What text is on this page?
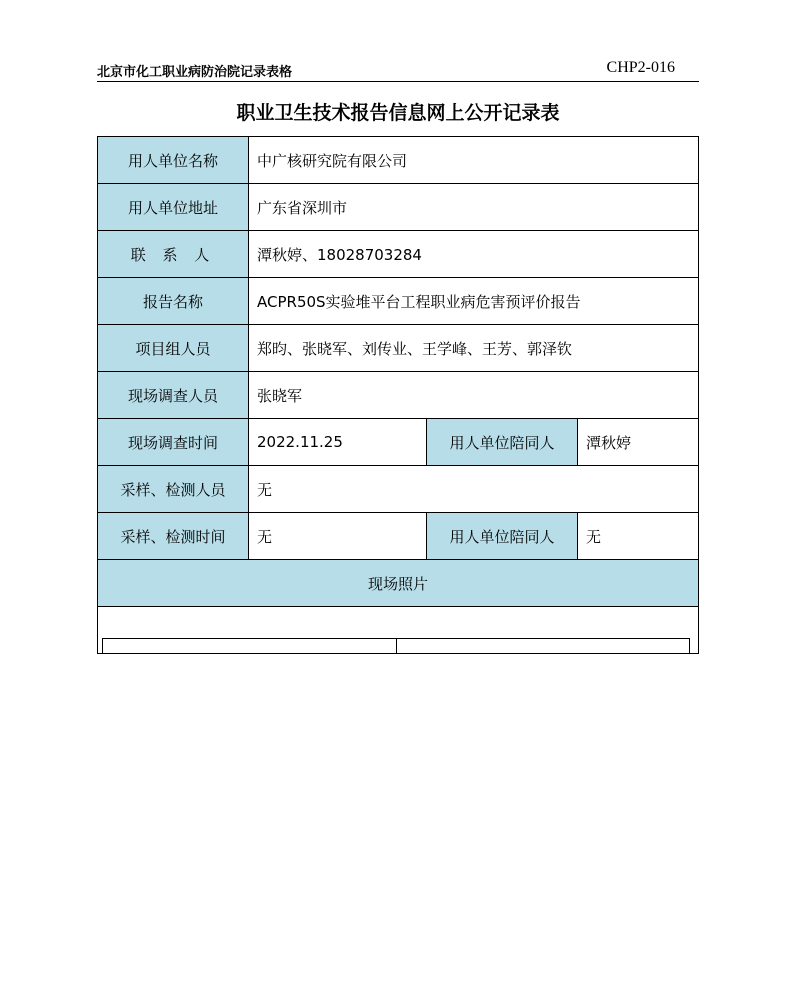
北京市化工职业病防治院记录表格	CHP2-016
职业卫生技术报告信息网上公开记录表
用人单位名称	中广核研究院有限公司		
用人单位地址	广东省深圳市		
联 系 人	潭秋婷、18028703284		
报告名称	ACPR50S实验堆平台工程职业病危害预评价报告		
项目组人员	郑昀、张晓军、刘传业、王学峰、王芳、郭泽钦		
现场调查人员	张晓军		
现场调查时间	2022.11.25	用人单位陪同人	潭秋婷
采样、检测人员	无		
采样、检测时间	无	用人单位陪同人	无
现场照片			
